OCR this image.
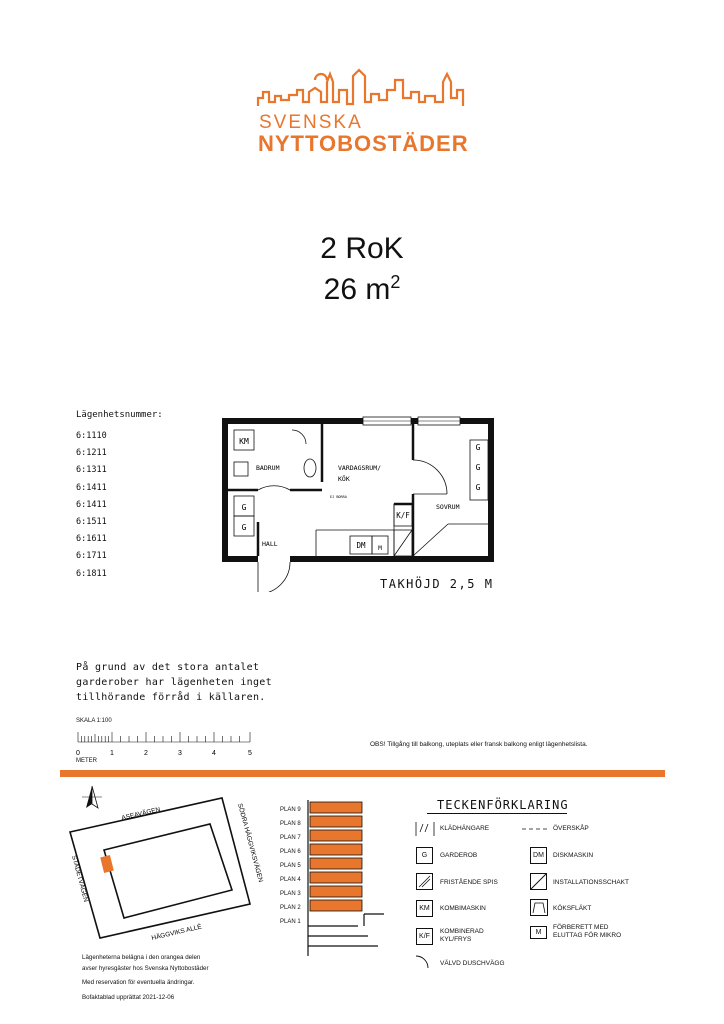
SVENSKA
NYTTOBOSTÄDER
2 RoK
26 $m^2$
Lägenhetsnummer:
6:1110
6:1211
6:1311
6:1411
6:1411
6:1511
6:1611
6:1711
6:1811
KM
G
G
G
G
G
K/F
DM M
BADRUM	VARDAGSRUM/
KÖK
SOVRUM
HALL
EJ BORRA
TAKHÖJD 2,5 M
På grund av det stora antalet
garderober har lägenheten inget
tillhörande förråd i källaren.
SKALA 1:100
0	1	2	3	4	5
METER
OBS! Tillgång till balkong, uteplats eller fransk balkong enligt lägenhetslista.
ASEAVÄGEN	SÖDRA HÄGGVIKSVÄGEN
STADETVÄGEN
HÄGGVIKS ALLÉ
Lägenheterna belägna i den orangea delen
avser hyresgäster hos Svenska Nyttobostäder
Med reservation för eventuella ändringar.
Bofaktablad upprättat 2021-12-06
PLAN 9
PLAN 8
PLAN 7
PLAN 6
PLAN 5
PLAN 4
PLAN 3
PLAN 2
PLAN 1
TECKENFÖRKLARING
KLÄDHÄNGARE	ÖVERSKÅP
G	GARDEROB	DM	DISKMASKIN
FRISTÅENDE SPIS	INSTALLATIONSSCHAKT
KM	KOMBIMASKIN	KÖKSFLÄKT
K/F
KOMBINERAD
KYL/FRYS
M
FÖRBERETT MED
ELUTTAG FÖR MIKRO
VÄLVD DUSCHVÄGG
